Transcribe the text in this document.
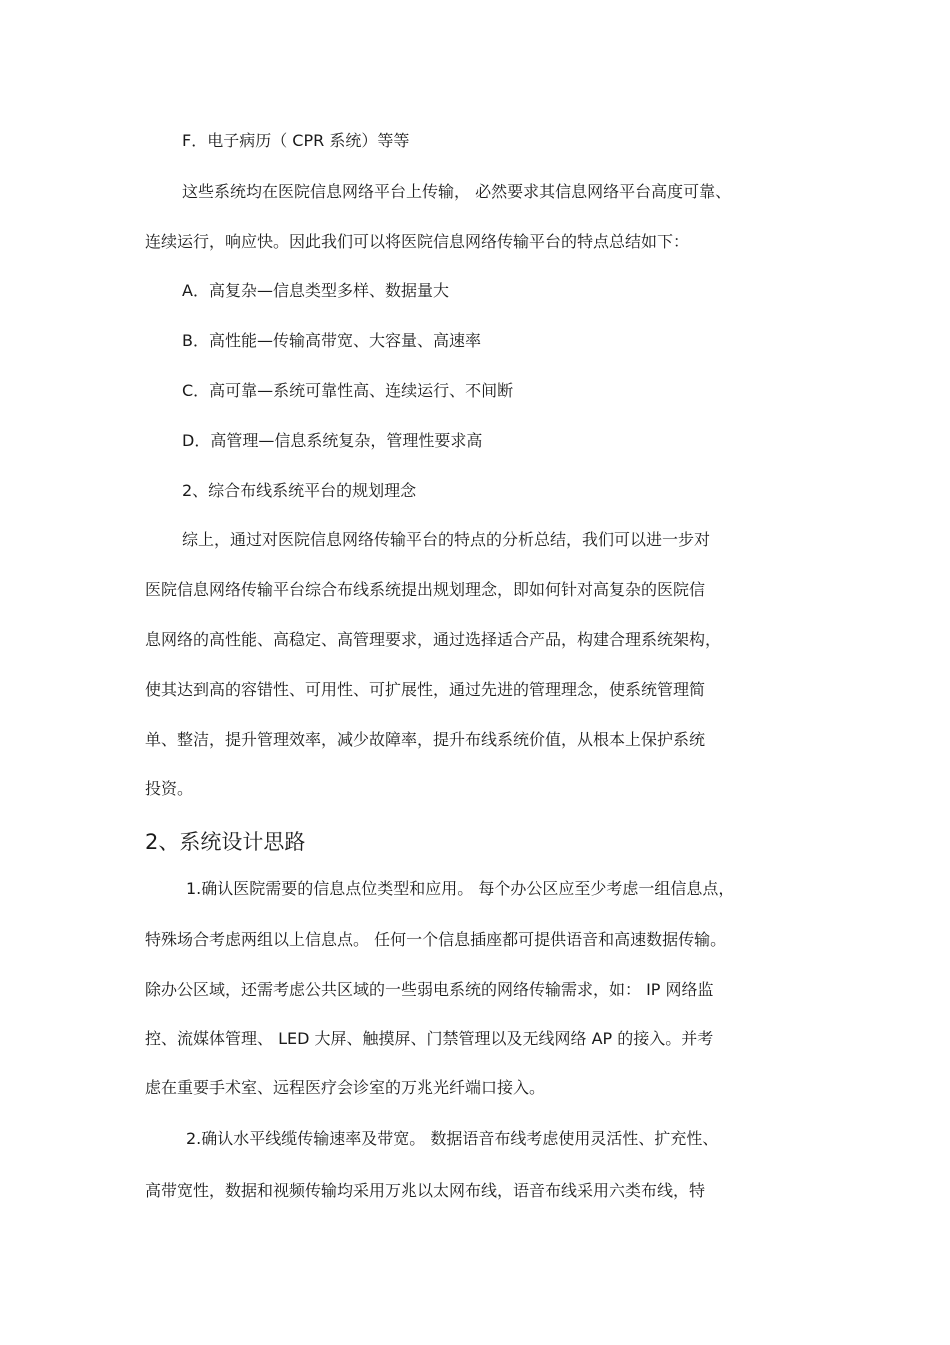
F．电子病历（ CPR 系统）等等
这些系统均在医院信息网络平台上传输， 必然要求其信息网络平台高度可靠、
连续运行，响应快。因此我们可以将医院信息网络传输平台的特点总结如下：
A．高复杂—信息类型多样、数据量大
B．高性能—传输高带宽、大容量、高速率
C．高可靠—系统可靠性高、连续运行、不间断
D．高管理—信息系统复杂，管理性要求高
2、综合布线系统平台的规划理念
综上，通过对医院信息网络传输平台的特点的分析总结，我们可以进一步对
医院信息网络传输平台综合布线系统提出规划理念，即如何针对高复杂的医院信
息网络的高性能、高稳定、高管理要求，通过选择适合产品，构建合理系统架构，
使其达到高的容错性、可用性、可扩展性，通过先进的管理理念，使系统管理简
单、整洁，提升管理效率，减少故障率，提升布线系统价值，从根本上保护系统
投资。
2、系统设计思路
1.确认医院需要的信息点位类型和应用。 每个办公区应至少考虑一组信息点，
特殊场合考虑两组以上信息点。 任何一个信息插座都可提供语音和高速数据传输。
除办公区域，还需考虑公共区域的一些弱电系统的网络传输需求，如： IP 网络监
控、流媒体管理、 LED 大屏、触摸屏、门禁管理以及无线网络 AP 的接入。并考
虑在重要手术室、远程医疗会诊室的万兆光纤端口接入。
2.确认水平线缆传输速率及带宽。 数据语音布线考虑使用灵活性、扩充性、
高带宽性，数据和视频传输均采用万兆以太网布线，语音布线采用六类布线，特
